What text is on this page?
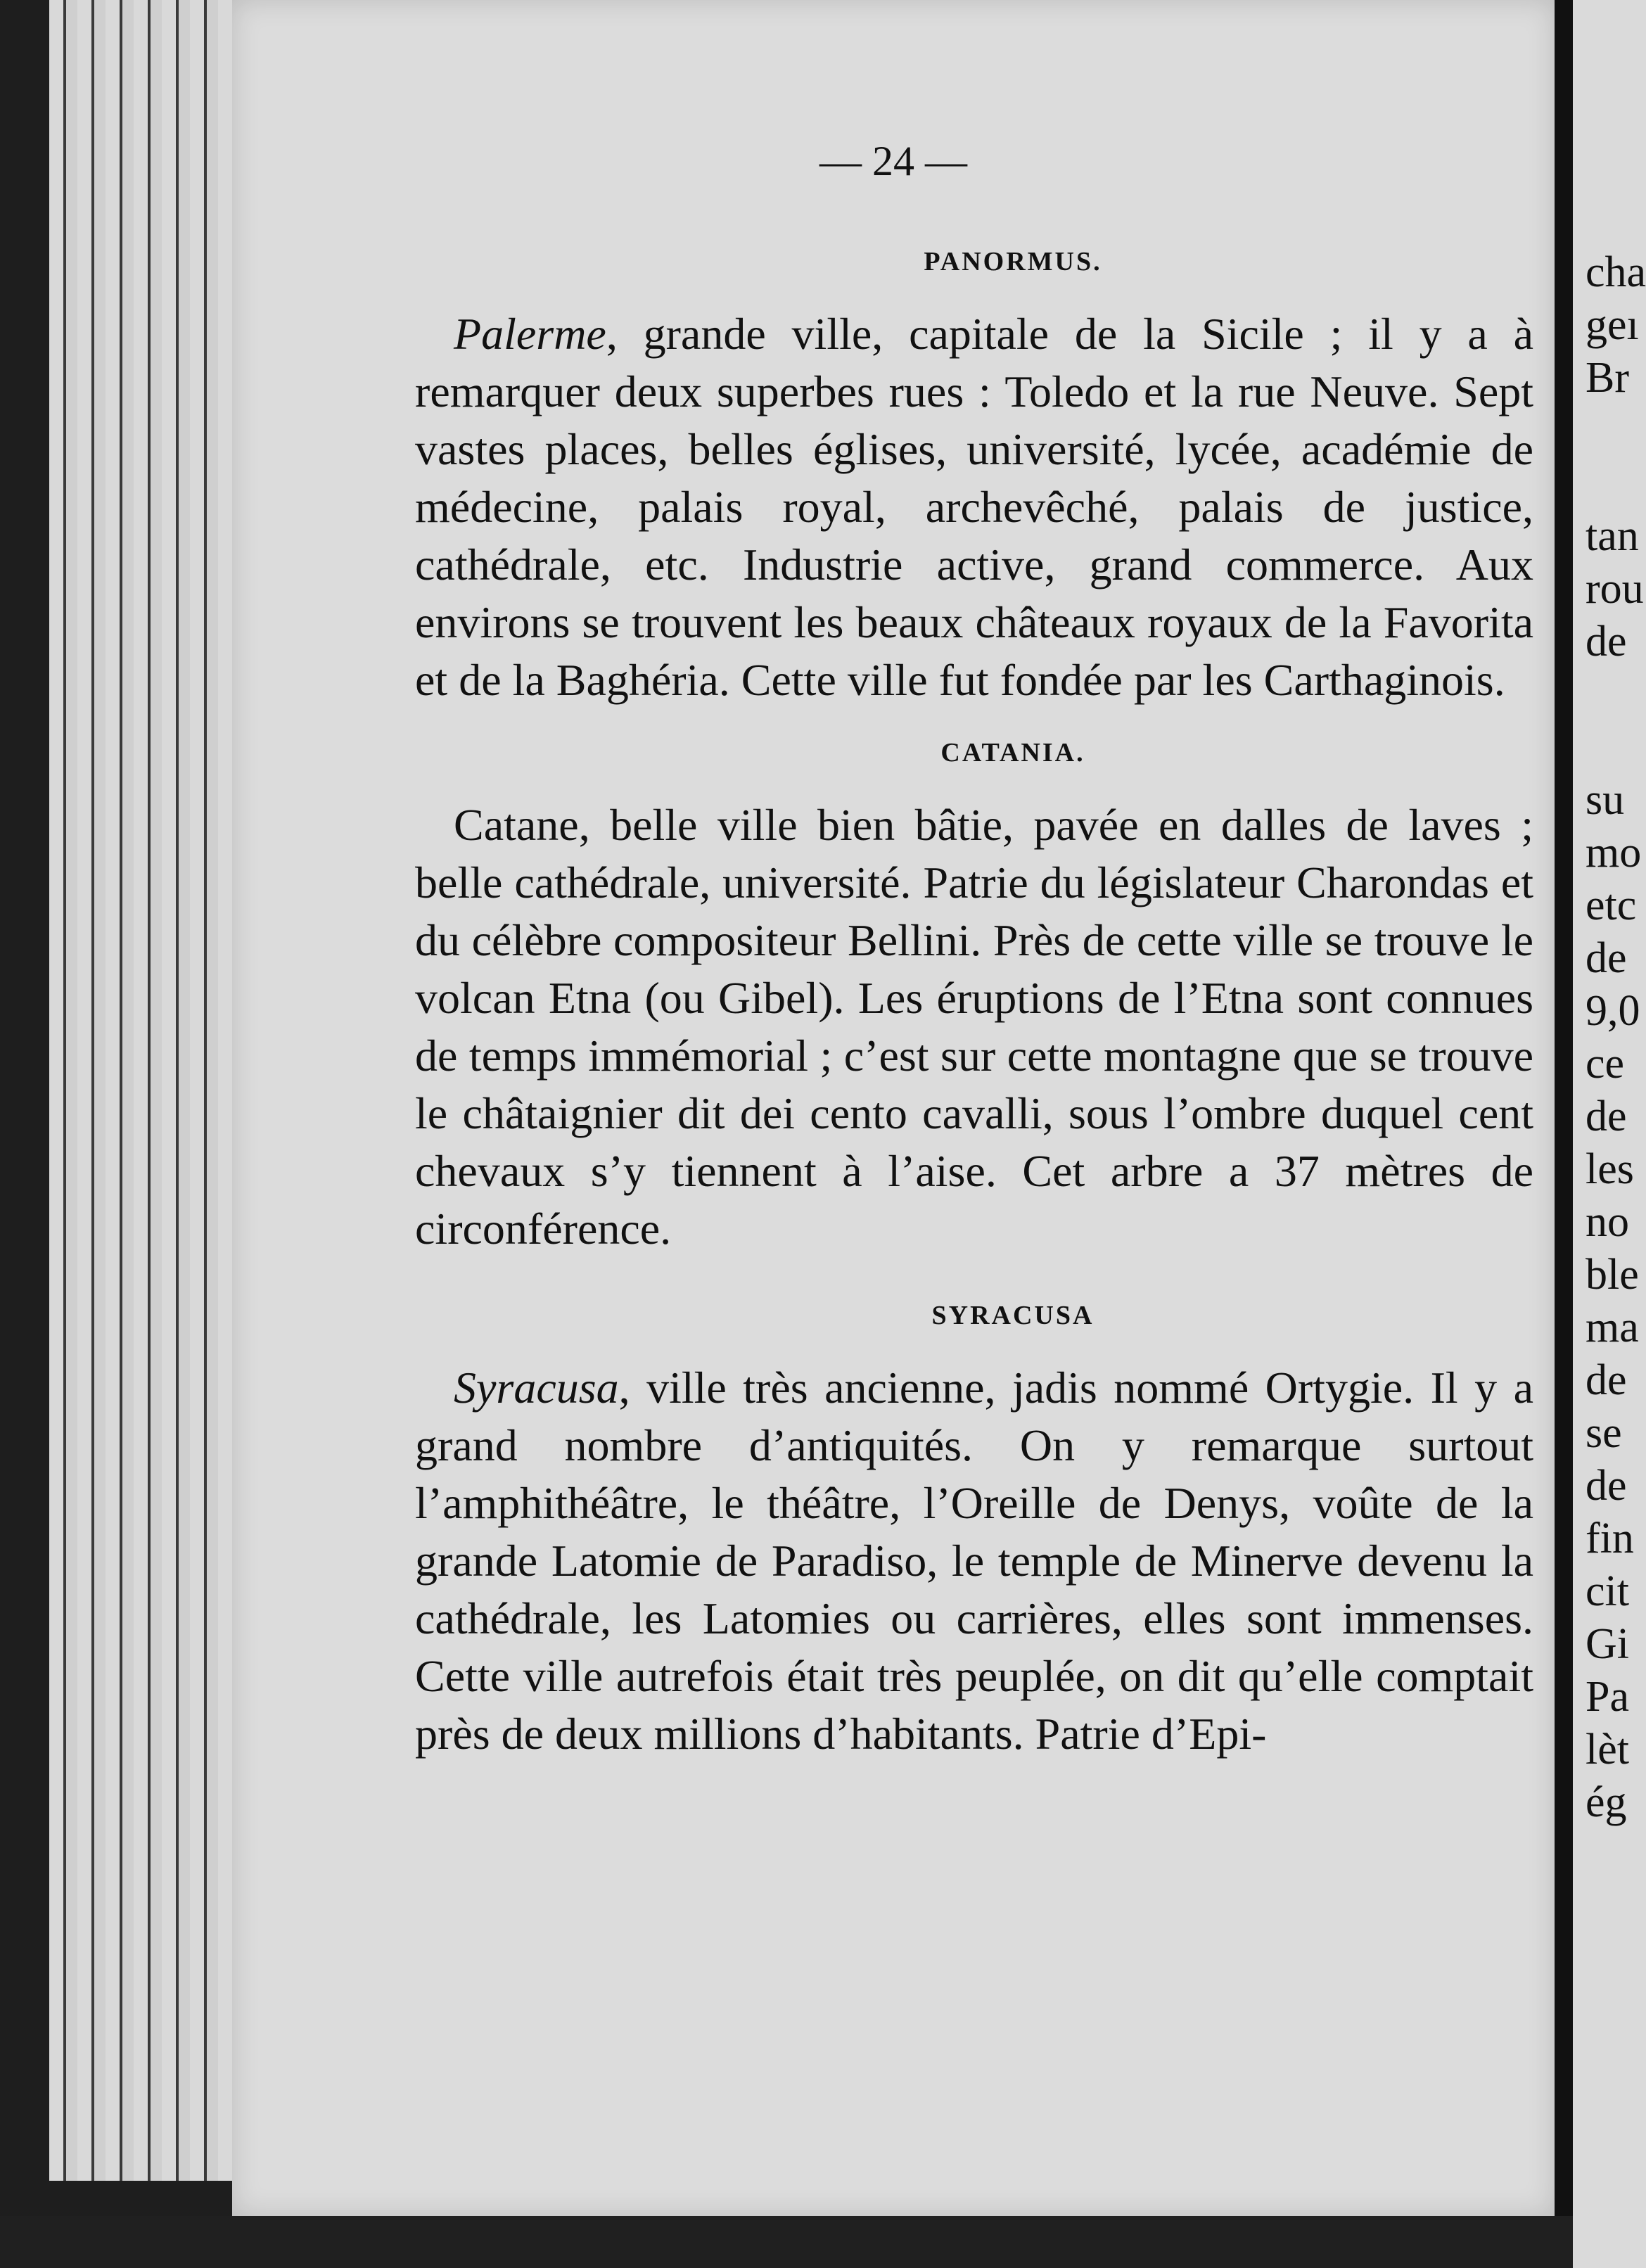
— 24 —

PANORMUS.

Palerme, grande ville, capitale de la Sicile ; il y a à remarquer deux superbes rues : Toledo et la rue Neuve. Sept vastes places, belles églises, université, lycée, académie de médecine, palais royal, archevêché, palais de justice, cathédrale, etc. Industrie active, grand commerce. Aux environs se trouvent les beaux châteaux royaux de la Favorita et de la Baghéria. Cette ville fut fondée par les Carthaginois.

CATANIA.

Catane, belle ville bien bâtie, pavée en dalles de laves ; belle cathédrale, université. Patrie du législateur Charondas et du célèbre compositeur Bellini. Près de cette ville se trouve le volcan Etna (ou Gibel). Les éruptions de l’Etna sont connues de temps immémorial ; c’est sur cette montagne que se trouve le châtaignier dit dei cento cavalli, sous l’ombre duquel cent chevaux s’y tiennent à l’aise. Cet arbre a 37 mètres de circonférence.

SYRACUSA

Syracusa, ville très ancienne, jadis nommé Ortygie. Il y a grand nombre d’antiquités. On y remarque surtout l’amphithéâtre, le théâtre, l’Oreille de Denys, voûte de la grande Latomie de Paradiso, le temple de Minerve devenu la cathédrale, les Latomies ou carrières, elles sont immenses. Cette ville autrefois était très peuplée, on dit qu’elle comptait près de deux millions d’habitants. Patrie d’Epi-

cha
geı
Br

tan
rou
de

su
mo
etc
de
9,0
ce
de
les
no
ble
ma
de
se
de
fin
cit
Gi
Pa
lèt
ég
